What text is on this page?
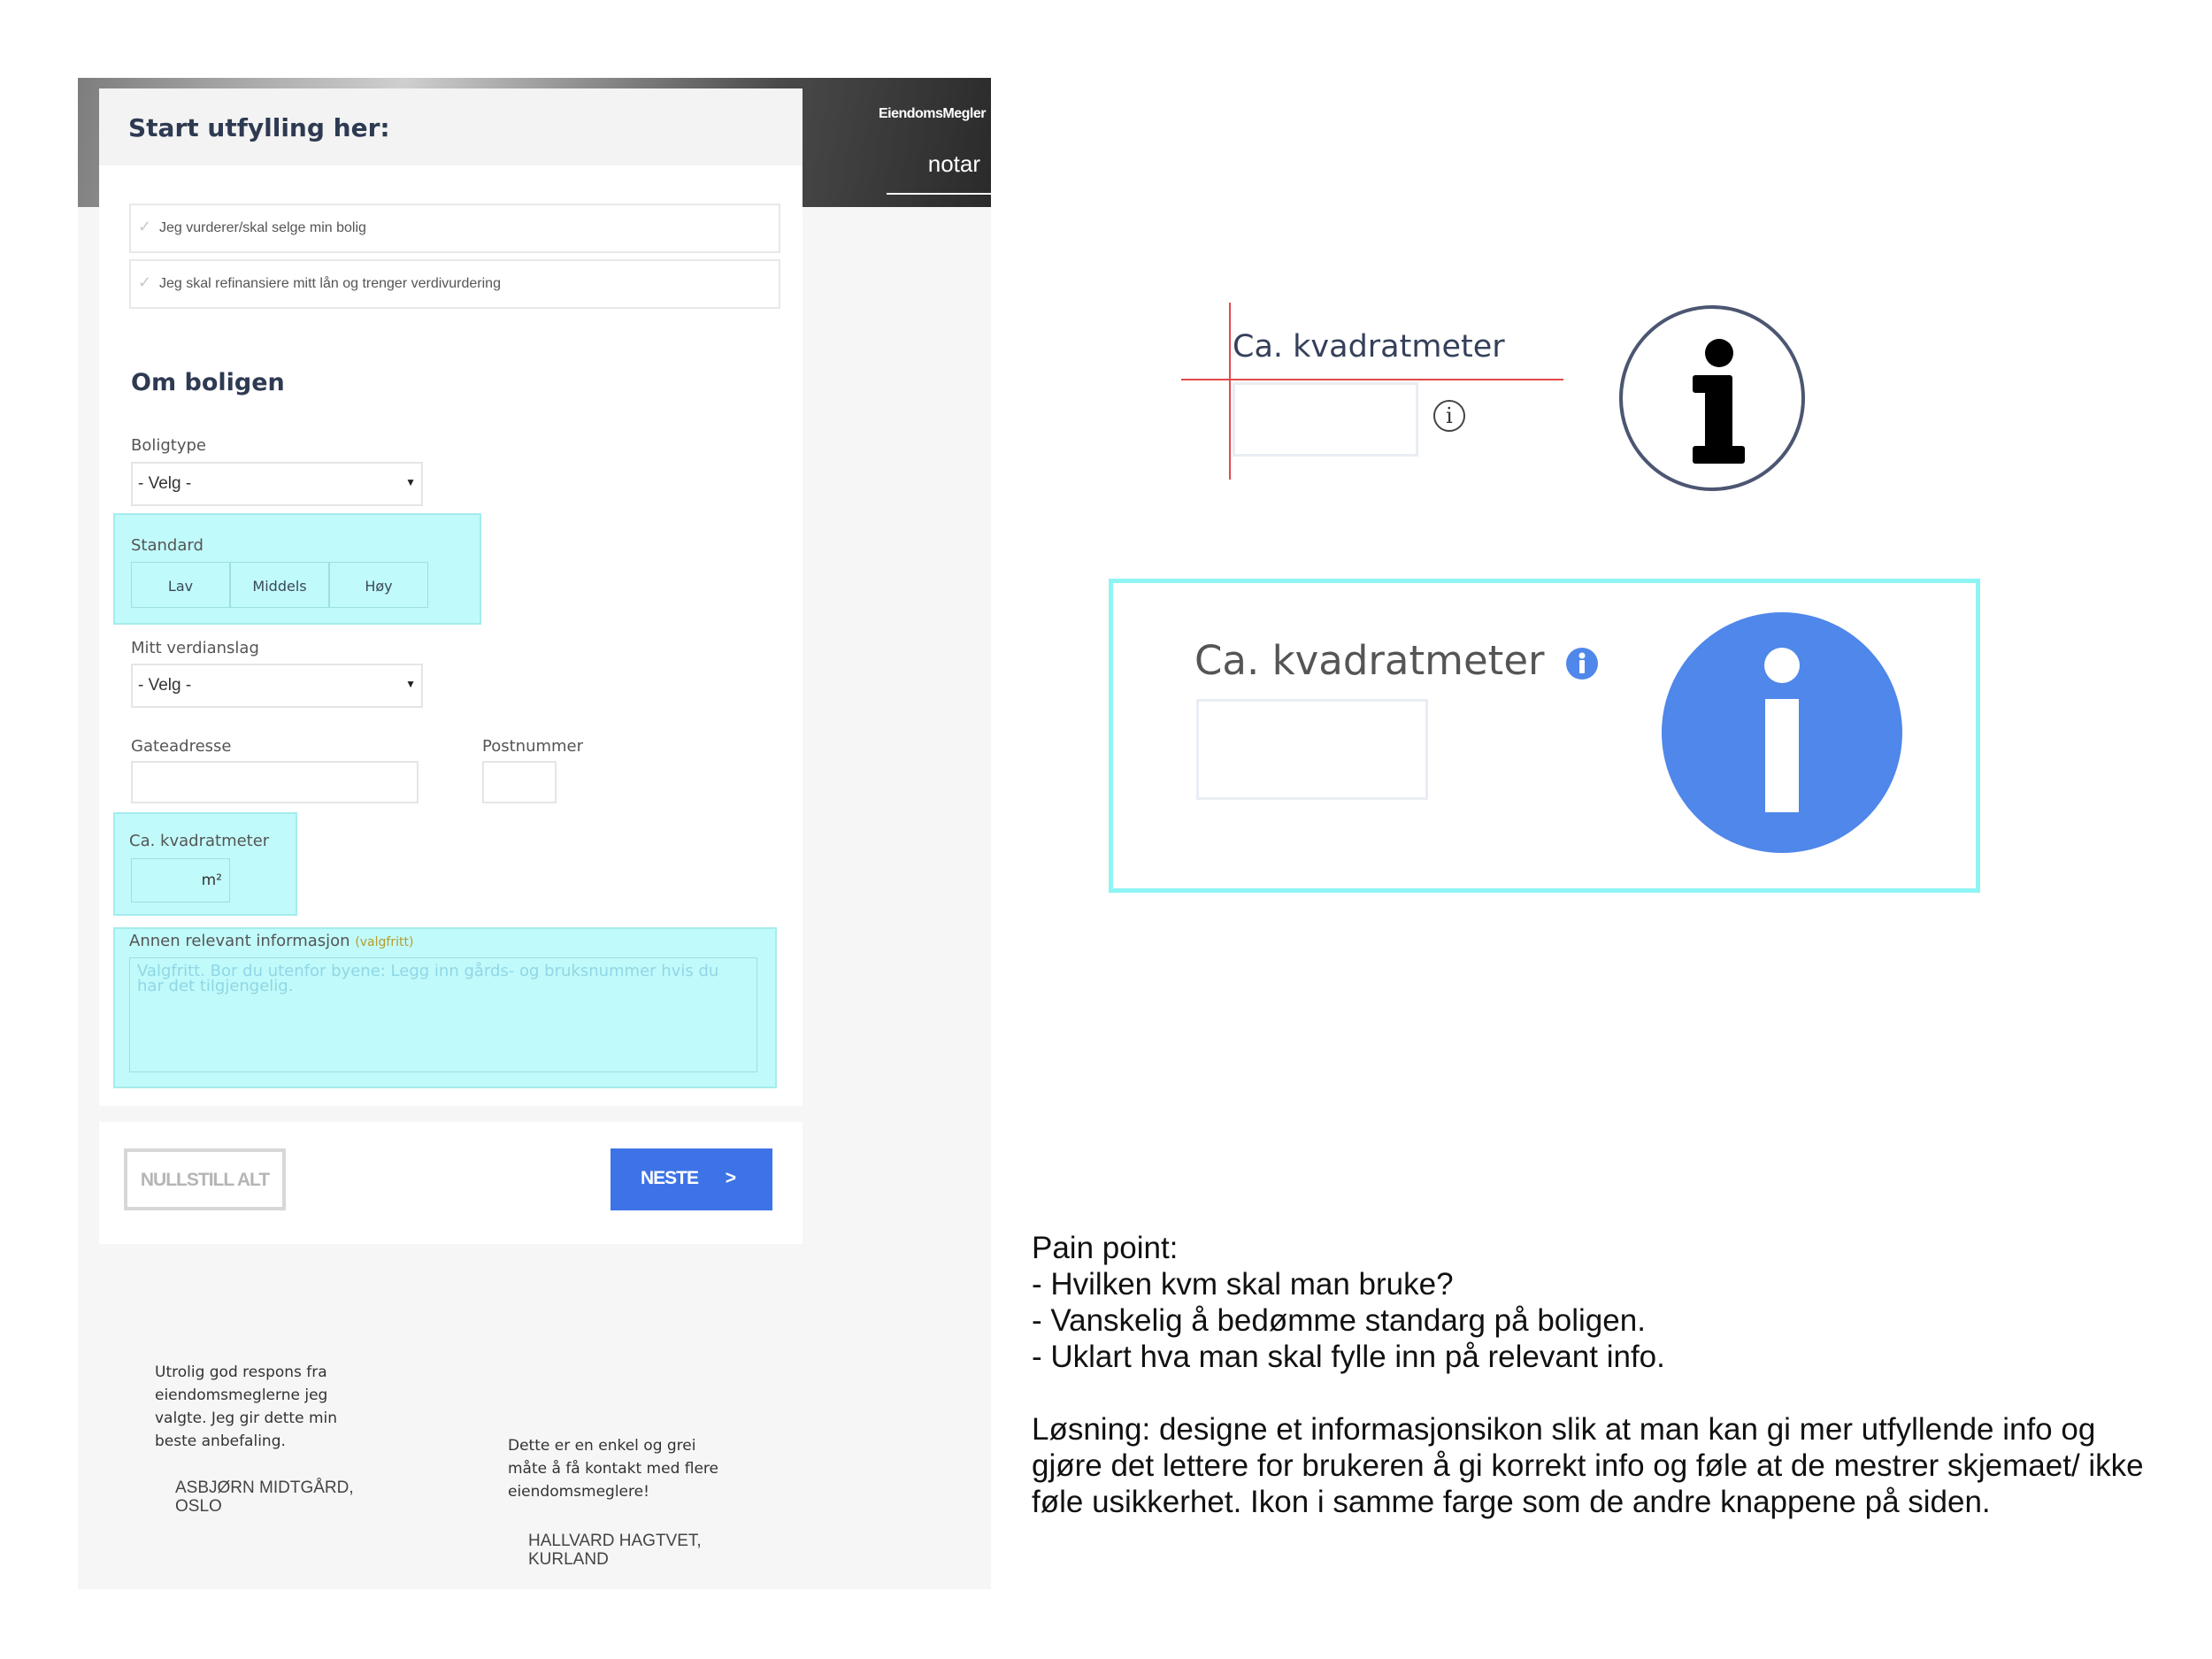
EiendomsMegler
notar
Start utfylling her:
✓ Jeg vurderer/skal selge min bolig
✓ Jeg skal refinansiere mitt lån og trenger verdivurdering
Om boligen
Boligtype
- Velg -	▼
Standard
Lav	Middels	Høy
Mitt verdianslag
- Velg -	▼
Gateadresse	Postnummer
Ca. kvadratmeter
m²
Annen relevant informasjon (valgfritt)
Valgfritt. Bor du utenfor byene: Legg inn gårds- og bruksnummer hvis du har det tilgjengelig.
NULLSTILL ALT	NESTE >
Utrolig god respons fra eiendomsmeglerne jeg valgte. Jeg gir dette min beste anbefaling.
ASBJØRN MIDTGÅRD, OSLO
Dette er en enkel og grei måte å få kontakt med flere eiendomsmeglere!
HALLVARD HAGTVET, KURLAND
Ca. kvadratmeter
i
Ca. kvadratmeter

Pain point:

- Hvilken kvm skal man bruke?

- Vanskelig å bedømme standarg på boligen.

- Uklart hva man skal fylle inn på relevant info.

Løsning: designe et informasjonsikon slik at man kan gi mer utfyllende info og gjøre det lettere for brukeren å gi korrekt info og føle at de mestrer skjemaet/ ikke føle usikkerhet. Ikon i samme farge som de andre knappene på siden.
